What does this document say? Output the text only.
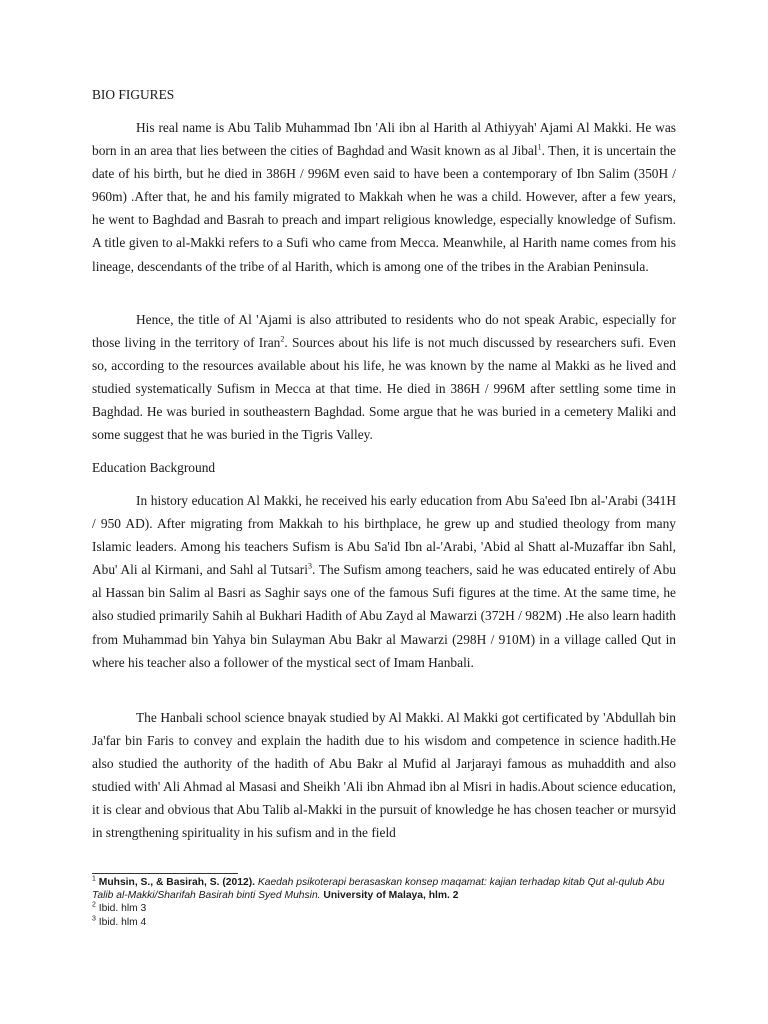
BIO FIGURES

His real name is Abu Talib Muhammad Ibn 'Ali ibn al Harith al Athiyyah' Ajami Al Makki. He was born in an area that lies between the cities of Baghdad and Wasit known as al Jibal$^1$. Then, it is uncertain the date of his birth, but he died in 386H / 996M even said to have been a contemporary of Ibn Salim (350H / 960m) .After that, he and his family migrated to Makkah when he was a child. However, after a few years, he went to Baghdad and Basrah to preach and impart religious knowledge, especially knowledge of Sufism. A title given to al-Makki refers to a Sufi who came from Mecca. Meanwhile, al Harith name comes from his lineage, descendants of the tribe of al Harith, which is among one of the tribes in the Arabian Peninsula.

Hence, the title of Al 'Ajami is also attributed to residents who do not speak Arabic, especially for those living in the territory of Iran$^2$. Sources about his life is not much discussed by researchers sufi. Even so, according to the resources available about his life, he was known by the name al Makki as he lived and studied systematically Sufism in Mecca at that time. He died in 386H / 996M after settling some time in Baghdad. He was buried in southeastern Baghdad. Some argue that he was buried in a cemetery Maliki and some suggest that he was buried in the Tigris Valley.

Education Background

In history education Al Makki, he received his early education from Abu Sa'eed Ibn al-'Arabi (341H / 950 AD). After migrating from Makkah to his birthplace, he grew up and studied theology from many Islamic leaders. Among his teachers Sufism is Abu Sa'id Ibn al-'Arabi, 'Abid al Shatt al-Muzaffar ibn Sahl, Abu' Ali al Kirmani, and Sahl al Tutsari$^3$. The Sufism among teachers, said he was educated entirely of Abu al Hassan bin Salim al Basri as Saghir says one of the famous Sufi figures at the time. At the same time, he also studied primarily Sahih al Bukhari Hadith of Abu Zayd al Mawarzi (372H / 982M) .He also learn hadith from Muhammad bin Yahya bin Sulayman Abu Bakr al Mawarzi (298H / 910M) in a village called Qut in where his teacher also a follower of the mystical sect of Imam Hanbali.

The Hanbali school science bnayak studied by Al Makki. Al Makki got certificated by 'Abdullah bin Ja'far bin Faris to convey and explain the hadith due to his wisdom and competence in science hadith.He also studied the authority of the hadith of Abu Bakr al Mufid al Jarjarayi famous as muhaddith and also studied with' Ali Ahmad al Masasi and Sheikh 'Ali ibn Ahmad ibn al Misri in hadis.About science education, it is clear and obvious that Abu Talib al-Makki in the pursuit of knowledge he has chosen teacher or mursyid in strengthening spirituality in his sufism and in the field

$^1$ Muhsin, S., & Basirah, S. (2012). Kaedah psikoterapi berasaskan konsep maqamat: kajian terhadap kitab Qut al-qulub Abu Talib al-Makki/Sharifah Basirah binti Syed Muhsin. University of Malaya, hlm. 2

$^2$ Ibid. hlm 3

$^3$ Ibid. hlm 4
